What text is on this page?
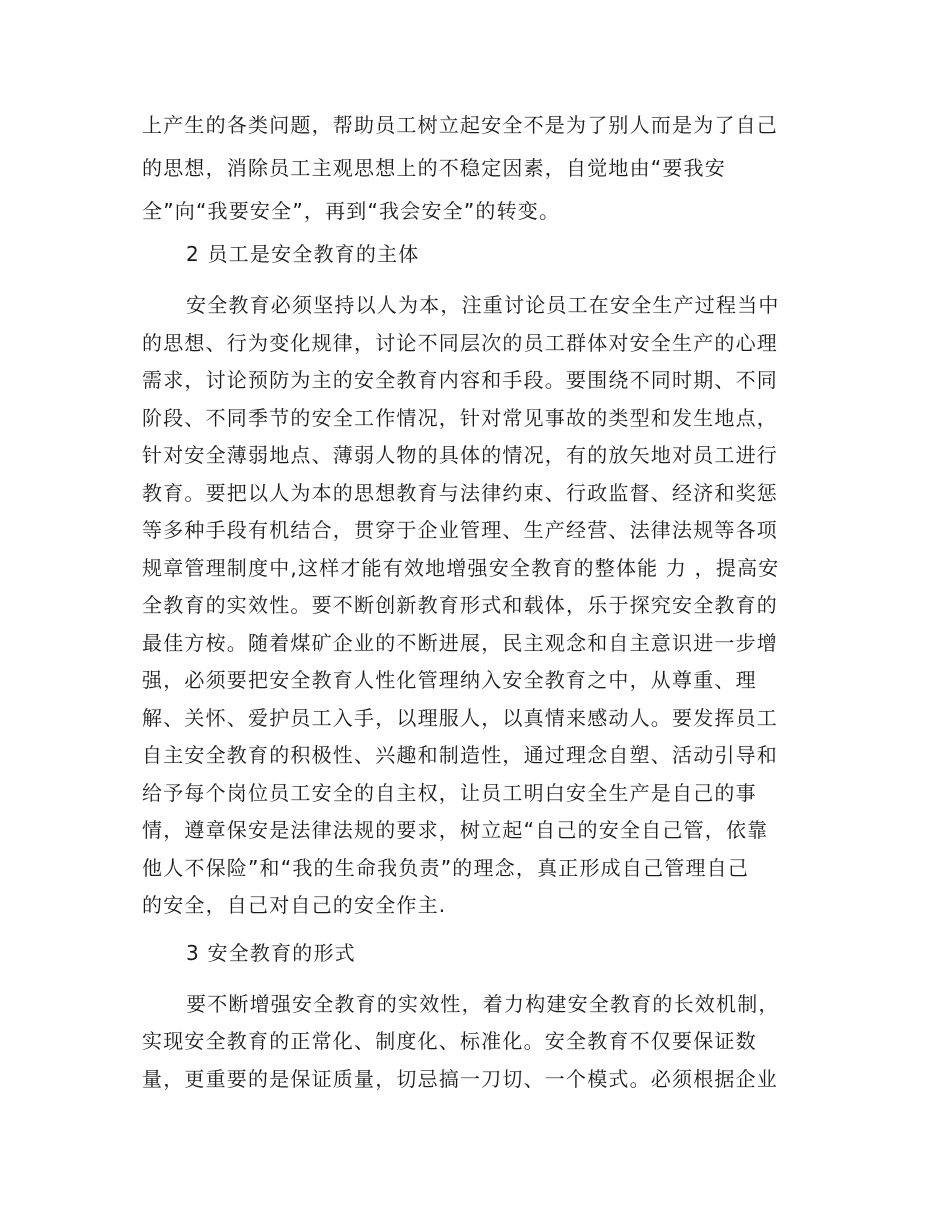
上产生的各类问题，帮助员工树立起安全不是为了别人而是为了自己
的思想，消除员工主观思想上的不稳定因素，自觉地由“要我安
全”向“我要安全”，再到“我会安全”的转变。
2 员工是安全教育的主体
安全教育必须坚持以人为本，注重讨论员工在安全生产过程当中
的思想、行为变化规律，讨论不同层次的员工群体对安全生产的心理
需求，讨论预防为主的安全教育内容和手段。要围绕不同时期、不同
阶段、不同季节的安全工作情况，针对常见事故的类型和发生地点，
针对安全薄弱地点、薄弱人物的具体的情况，有的放矢地对员工进行
教育。要把以人为本的思想教育与法律约束、行政监督、经济和奖惩
等多种手段有机结合，贯穿于企业管理、生产经营、法律法规等各项
规章管理制度中,这样才能有效地增强安全教育的整体能 力 ，提高安
全教育的实效性。要不断创新教育形式和载体，乐于探究安全教育的
最佳方桉。随着煤矿企业的不断进展，民主观念和自主意识进一步增
强，必须要把安全教育人性化管理纳入安全教育之中，从尊重、理
解、关怀、爱护员工入手，以理服人，以真情来感动人。要发挥员工
自主安全教育的积极性、兴趣和制造性，通过理念自塑、活动引导和
给予每个岗位员工安全的自主权，让员工明白安全生产是自己的事
情，遵章保安是法律法规的要求，树立起“自己的安全自己管，依靠
他人不保险”和“我的生命我负责”的理念，真正形成自己管理自己
的安全，自己对自己的安全作主.
3 安全教育的形式
要不断增强安全教育的实效性，着力构建安全教育的长效机制，
实现安全教育的正常化、制度化、标准化。安全教育不仅要保证数
量，更重要的是保证质量，切忌搞一刀切、一个模式。必须根据企业
